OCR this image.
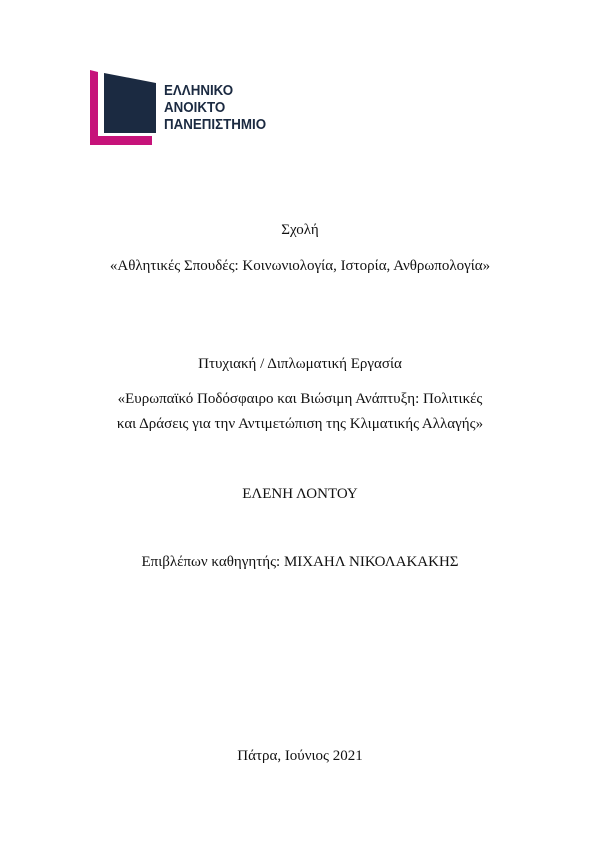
ΕΛΛΗΝΙΚΟ
ΑΝΟΙΚΤΟ
ΠΑΝΕΠΙΣΤΗΜΙΟ
Σχολή
«Αθλητικές Σπουδές: Κοινωνιολογία, Ιστορία, Ανθρωπολογία»
Πτυχιακή / Διπλωματική Εργασία
«Ευρωπαϊκό Ποδόσφαιρο και Βιώσιμη Ανάπτυξη: Πολιτικές
και Δράσεις για την Αντιμετώπιση της Κλιματικής Αλλαγής»
ΕΛΕΝΗ ΛΟΝΤΟΥ
Επιβλέπων καθηγητής: ΜΙΧΑΗΛ ΝΙΚΟΛΑΚΑΚΗΣ
Πάτρα, Ιούνιος 2021
